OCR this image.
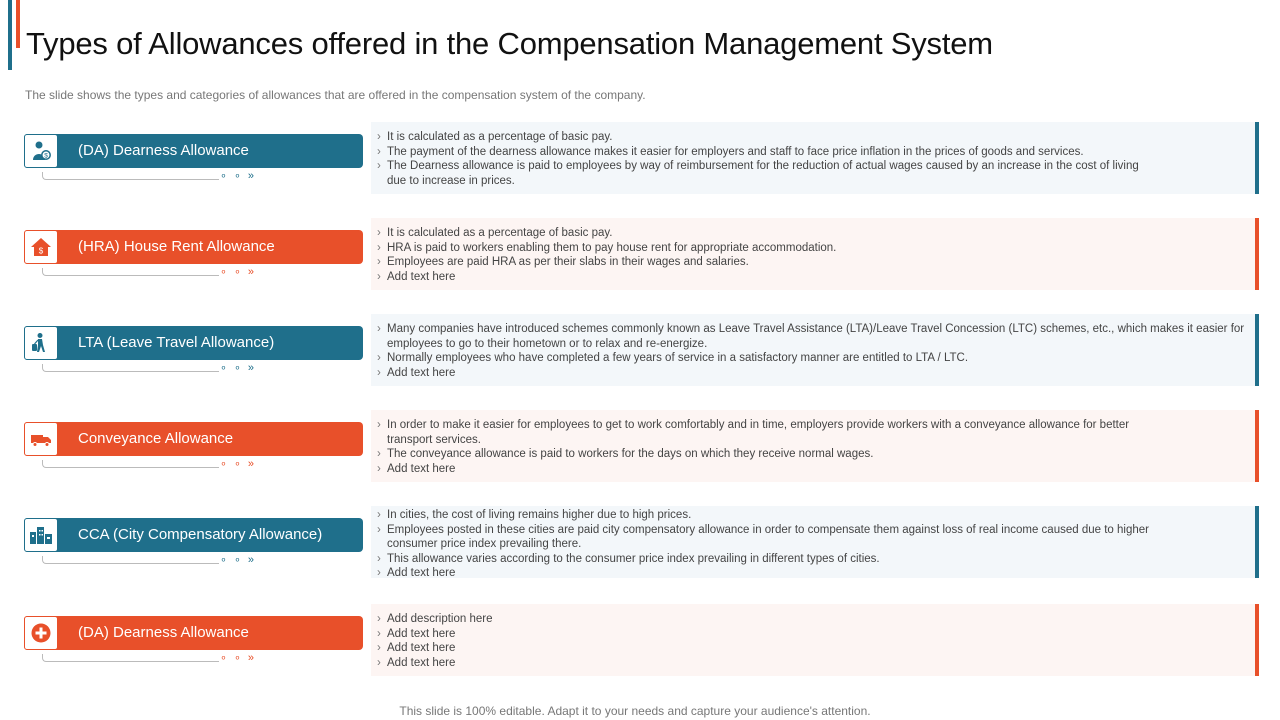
Types of Allowances offered in the Compensation Management System
The slide shows the types and categories of allowances that are offered in the compensation system of the company.
$ (DA) Dearness Allowance
∘ ∘ »
› It is calculated as a percentage of basic pay.
› The payment of the dearness allowance makes it easier for employers and staff to face price inflation in the prices of goods and services.
› The Dearness allowance is paid to employees by way of reimbursement for the reduction of actual wages caused by an increase in the cost of living due to increase in prices.
$ (HRA) House Rent Allowance
∘ ∘ »
› It is calculated as a percentage of basic pay.
› HRA is paid to workers enabling them to pay house rent for appropriate accommodation.
› Employees are paid HRA as per their slabs in their wages and salaries.
› Add text here
LTA (Leave Travel Allowance)
∘ ∘ »
› Many companies have introduced schemes commonly known as Leave Travel Assistance (LTA)/Leave Travel Concession (LTC) schemes, etc., which makes it easier for employees to go to their hometown or to relax and re-energize.
› Normally employees who have completed a few years of service in a satisfactory manner are entitled to LTA / LTC.
› Add text here
Conveyance Allowance
∘ ∘ »
› In order to make it easier for employees to get to work comfortably and in time, employers provide workers with a conveyance allowance for better transport services.
› The conveyance allowance is paid to workers for the days on which they receive normal wages.
› Add text here
CCA (City Compensatory Allowance)
∘ ∘ »
› In cities, the cost of living remains higher due to high prices.
› Employees posted in these cities are paid city compensatory allowance in order to compensate them against loss of real income caused due to higher consumer price index prevailing there.
› This allowance varies according to the consumer price index prevailing in different types of cities.
› Add text here
(DA) Dearness Allowance
∘ ∘ »
› Add description here
› Add text here
› Add text here
› Add text here
This slide is 100% editable. Adapt it to your needs and capture your audience's attention.
